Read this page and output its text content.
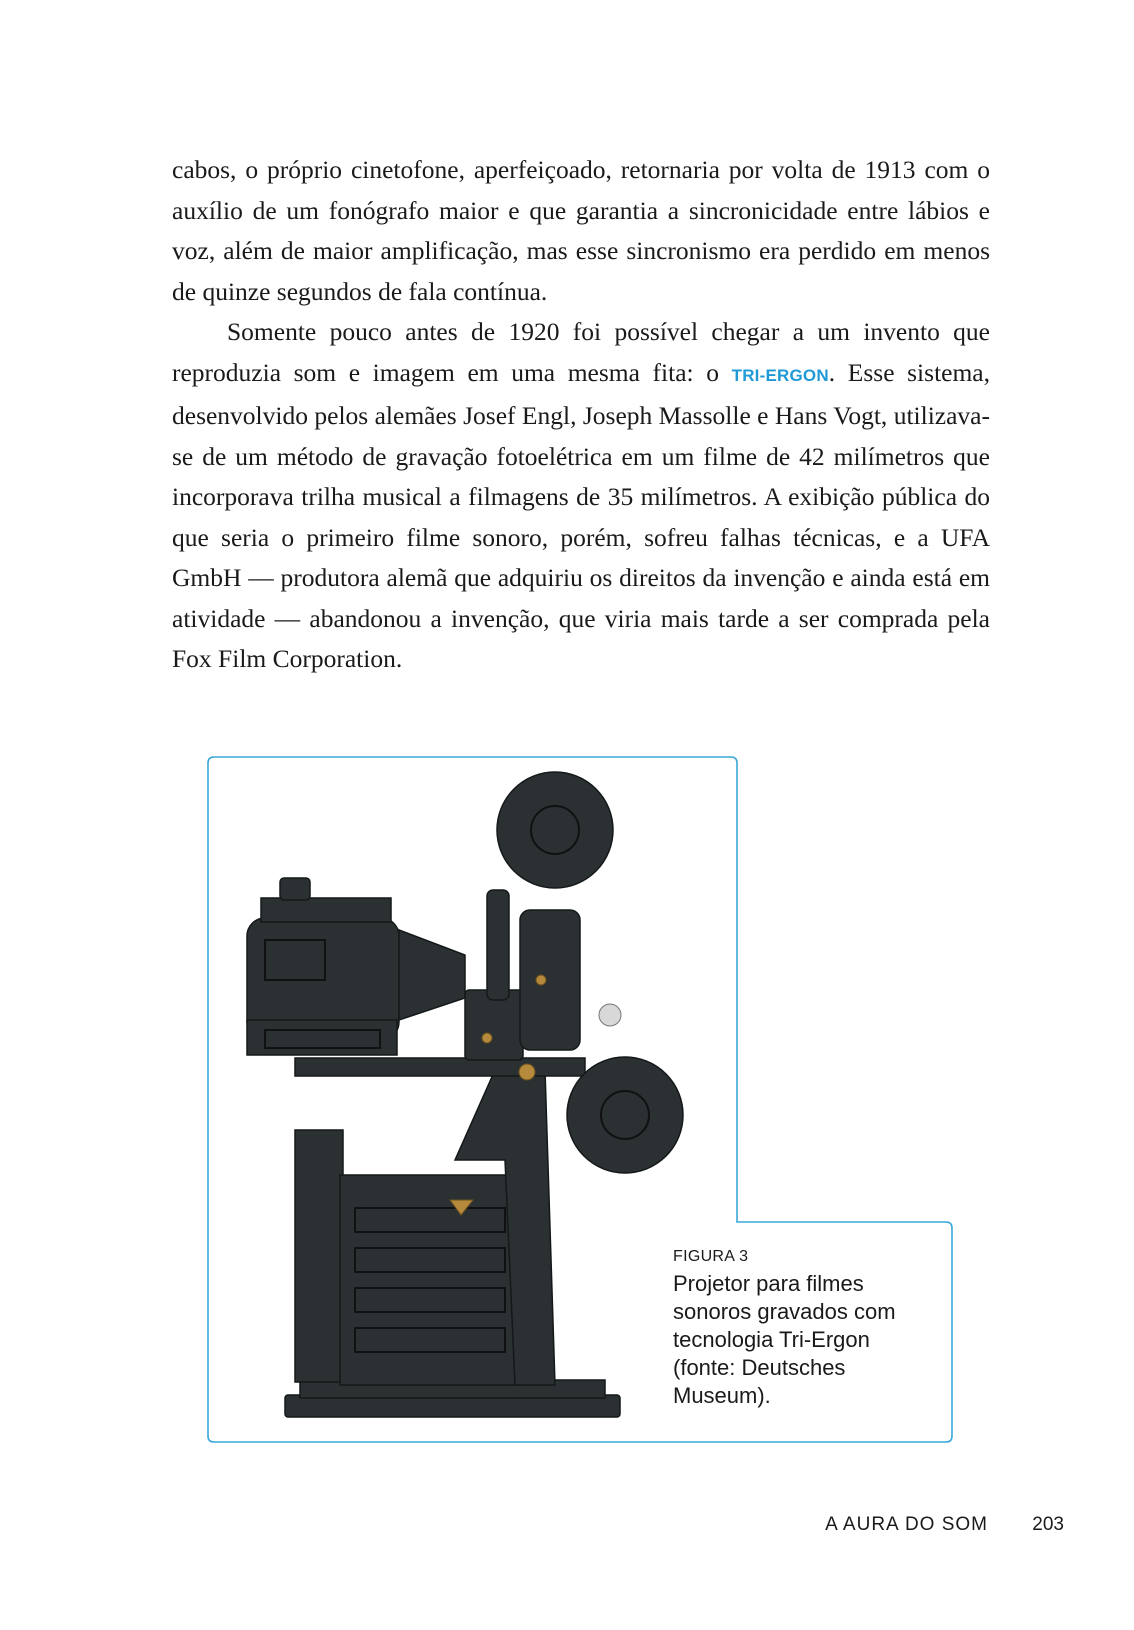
cabos, o próprio cinetofone, aperfeiçoado, retornaria por volta de 1913 com o auxílio de um fonógrafo maior e que garantia a sincronicidade entre lábios e voz, além de maior amplificação, mas esse sincronismo era perdido em menos de quinze segundos de fala contínua.

Somente pouco antes de 1920 foi possível chegar a um invento que reproduzia som e imagem em uma mesma fita: o TRI-ERGON. Esse sistema, desenvolvido pelos alemães Josef Engl, Joseph Massolle e Hans Vogt, utilizava-se de um método de gravação fotoelétrica em um filme de 42 milímetros que incorporava trilha musical a filmagens de 35 milímetros. A exibição pública do que seria o primeiro filme sonoro, porém, sofreu falhas técnicas, e a UFA GmbH — produtora alemã que adquiriu os direitos da invenção e ainda está em atividade — abandonou a invenção, que viria mais tarde a ser comprada pela Fox Film Corporation.

FIGURA 3
Projetor para filmes sonoros gravados com tecnologia Tri-Ergon (fonte: Deutsches Museum).
A AURA DO SOM 203
